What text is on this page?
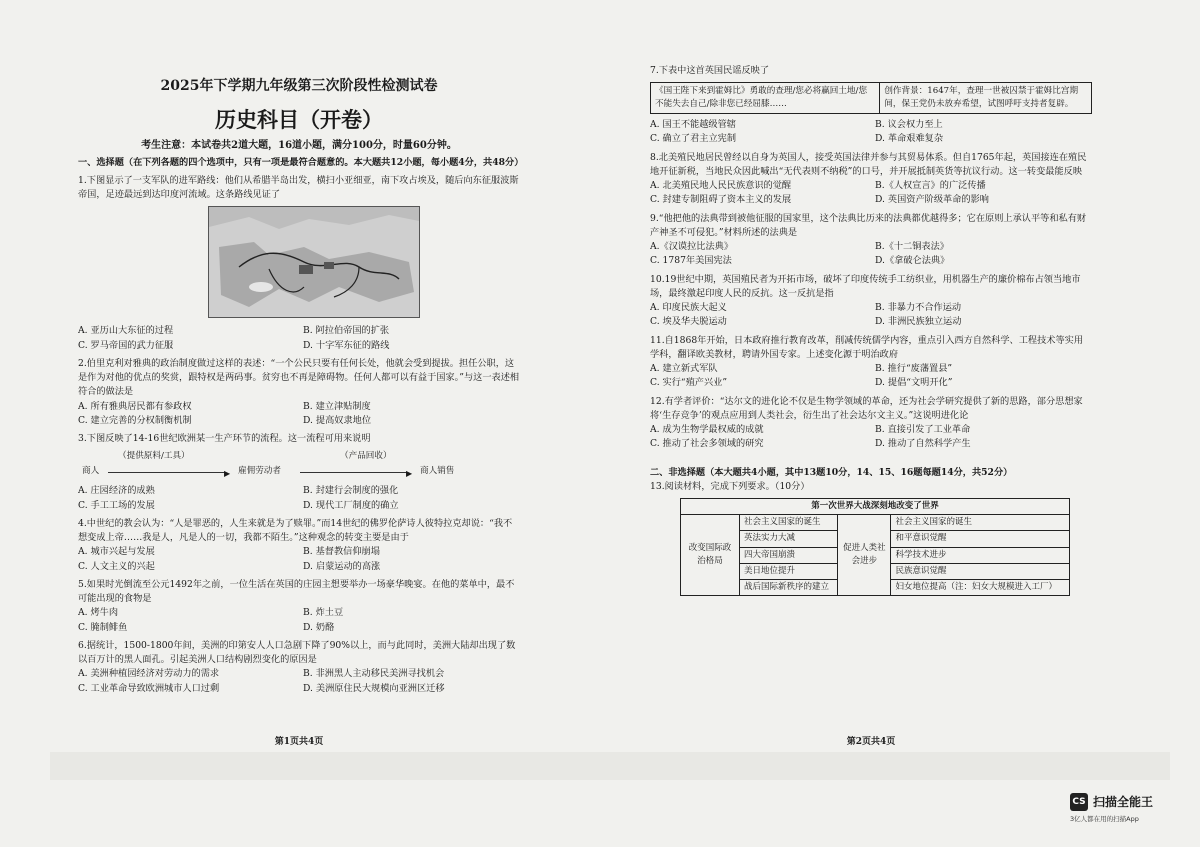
2025年下学期九年级第三次阶段性检测试卷
历史科目（开卷）
考生注意：本试卷共2道大题，16道小题，满分100分，时量60分钟。
一、选择题（在下列各题的四个选项中，只有一项是最符合题意的。本大题共12小题，每小题4分，共48分）
1.下图显示了一支军队的进军路线：他们从希腊半岛出发，横扫小亚细亚，南下攻占埃及，随后向东征服波斯帝国，足迹最远到达印度河流域。这条路线见证了
A. 亚历山大东征的过程	B. 阿拉伯帝国的扩张
C. 罗马帝国的武力征服	D. 十字军东征的路线
2.伯里克利对雅典的政治制度做过这样的表述：“一个公民只要有任何长处，他就会受到提拔。担任公职，这是作为对他的优点的奖赏，跟特权是两码事。贫穷也不再是障碍物。任何人都可以有益于国家。”与这一表述相符合的做法是
A. 所有雅典居民都有参政权	B. 建立津贴制度
C. 建立完善的分权制衡机制	D. 提高奴隶地位
3.下图反映了14-16世纪欧洲某一生产环节的流程。这一流程可用来说明
商人
（提供原料/工具）
▶ 雇佣劳动者
（产品回收）
▶ 商人销售
A. 庄园经济的成熟	B. 封建行会制度的强化
C. 手工工场的发展	D. 现代工厂制度的确立
4.中世纪的教会认为：“人是罪恶的，人生来就是为了赎罪。”而14世纪的佛罗伦萨诗人彼特拉克却说：“我不想变成上帝……我是人，凡是人的一切，我都不陌生。”这种观念的转变主要是由于
A. 城市兴起与发展	B. 基督教信仰崩塌
C. 人文主义的兴起	D. 启蒙运动的高涨
5.如果时光倒流至公元1492年之前，一位生活在英国的庄园主想要举办一场豪华晚宴。在他的菜单中，最不可能出现的食物是
A. 烤牛肉	B. 炸土豆
C. 腌制鲱鱼	D. 奶酪
6.据统计，1500-1800年间，美洲的印第安人人口急剧下降了90%以上，而与此同时，美洲大陆却出现了数以百万计的黑人面孔。引起美洲人口结构剧烈变化的原因是
A. 美洲种植园经济对劳动力的需求	B. 非洲黑人主动移民美洲寻找机会
C. 工业革命导致欧洲城市人口过剩	D. 美洲原住民大规模向亚洲区迁移
第1页共4页
7.下表中这首英国民谣反映了
《国王陛下来到霍姆比》勇敢的查理/您必将赢回土地/您不能失去自己/除非您已经屈膝……	创作背景：1647年，查理一世被囚禁于霍姆比宫期间，保王党仍未放弃希望，试图呼吁支持者复辟。
A. 国王不能越级管辖	B. 议会权力至上
C. 确立了君主立宪制	D. 革命艰难复杂
8.北美殖民地居民曾经以自身为英国人，接受英国法律并参与其贸易体系。但自1765年起，英国接连在殖民地开征新税，当地民众因此喊出“无代表则不纳税”的口号，并开展抵制英货等抗议行动。这一转变最能反映
A. 北美殖民地人民民族意识的觉醒	B.《人权宣言》的广泛传播
C. 封建专制阻碍了资本主义的发展	D. 英国资产阶级革命的影响
9.“他把他的法典带到被他征服的国家里，这个法典比历来的法典都优越得多；它在原则上承认平等和私有财产神圣不可侵犯。”材料所述的法典是
A.《汉谟拉比法典》	B.《十二铜表法》
C. 1787年美国宪法	D.《拿破仑法典》
10.19世纪中期，英国殖民者为开拓市场，破坏了印度传统手工纺织业，用机器生产的廉价棉布占领当地市场，最终激起印度人民的反抗。这一反抗是指
A. 印度民族大起义	B. 非暴力不合作运动
C. 埃及华夫脱运动	D. 非洲民族独立运动
11.自1868年开始，日本政府推行教育改革，削减传统儒学内容，重点引入西方自然科学、工程技术等实用学科，翻译欧美教材，聘请外国专家。上述变化源于明治政府
A. 建立新式军队	B. 推行“废藩置县”
C. 实行“殖产兴业”	D. 提倡“文明开化”
12.有学者评价：“达尔文的进化论不仅是生物学领域的革命，还为社会学研究提供了新的思路，部分思想家将‘生存竞争’的观点应用到人类社会，衍生出了社会达尔文主义。”这说明进化论
A. 成为生物学最权威的成就	B. 直接引发了工业革命
C. 推动了社会多领域的研究	D. 推动了自然科学产生
二、非选择题（本大题共4小题，其中13题10分，14、15、16题每题14分，共52分）
13.阅读材料，完成下列要求。（10分）
第一次世界大战深刻地改变了世界			
改变国际政治格局	社会主义国家的诞生	促进人类社会进步	社会主义国家的诞生
	英法实力大减		和平意识觉醒
	四大帝国崩溃		科学技术进步
	美日地位提升		民族意识觉醒
	战后国际新秩序的建立		妇女地位提高（注：妇女大规模进入工厂）
第2页共4页
CS 扫描全能王
3亿人都在用的扫描App
